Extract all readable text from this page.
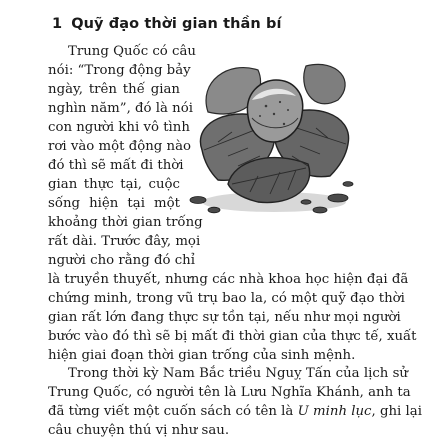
1 Quỹ đạo thời gian thần bí
Trung Quốc có câu
nói: “Trong động bảy
ngày, trên thế gian
nghìn năm”, đó là nói
con người khi vô tình
rơi vào một động nào
đó thì sẽ mất đi thời
gian thực tại, cuộc
sống hiện tại một
khoảng thời gian trống
rất dài. Trước đây, mọi
người cho rằng đó chỉ
là truyền thuyết, nhưng các nhà khoa học hiện đại đã
chứng minh, trong vũ trụ bao la, có một quỹ đạo thời
gian rất lớn đang thực sự tồn tại, nếu như mọi người
bước vào đó thì sẽ bị mất đi thời gian của thực tế, xuất
hiện giai đoạn thời gian trống của sinh mệnh.
Trong thời kỳ Nam Bắc triều Nguỵ Tấn của lịch sử
Trung Quốc, có người tên là Lưu Nghĩa Khánh, anh ta
đã từng viết một cuốn sách có tên là U minh lục, ghi lại
câu chuyện thú vị như sau.
